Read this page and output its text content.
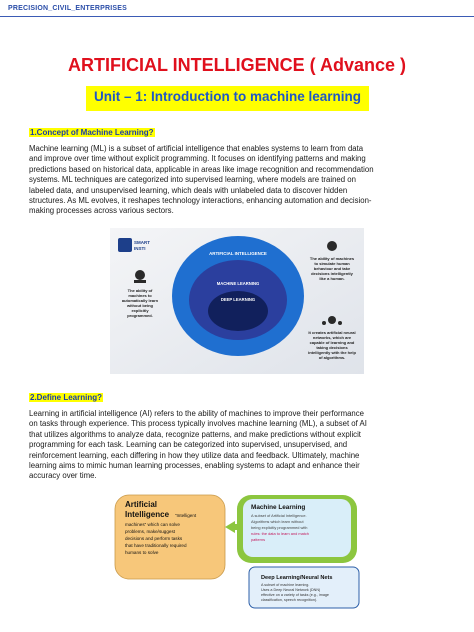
PRECISION_CIVIL_ENTERPRISES
ARTIFICIAL INTELLIGENCE ( Advance )
Unit – 1: Introduction to machine learning
1.Concept of Machine Learning?
Machine learning (ML) is a subset of artificial intelligence that enables systems to learn from data
and improve over time without explicit programming. It focuses on identifying patterns and making
predictions based on historical data, applicable in areas like image recognition and recommendation
systems. ML techniques are categorized into supervised learning, where models are trained on
labeled data, and unsupervised learning, which deals with unlabeled data to discover hidden
structures. As ML evolves, it reshapes technology interactions, enhancing automation and decision-
making processes across various sectors.
SMART
INSTI
ARTIFICIAL INTELLIGENCE
MACHINE LEARNING
DEEP LEARNING
The ability of
machines to
automatically learn
without being
explicitly
programmed.
The ability of machines
to simulate human
behaviour and take
decisions intelligently
like a human.
It creates artificial neural
networks, which are
capable of learning and
taking decisions
intelligently with the help
of algorithms.
2.Define Learning?
Learning in artificial intelligence (AI) refers to the ability of machines to improve their performance
on tasks through experience. This process typically involves machine learning (ML), a subset of AI
that utilizes algorithms to analyze data, recognize patterns, and make predictions without explicit
programming for each task. Learning can be categorized into supervised, unsupervised, and
reinforcement learning, each differing in how they utilize data and feedback. Ultimately, machine
learning aims to mimic human learning processes, enabling systems to adapt and enhance their
accuracy over time.
Artificial
Intelligence “Intelligent
machines” which can solve
problems, make/suggest
decisions and perform tasks
that have traditionally required
humans to solve
Machine Learning
A subset of Artificial Intelligence.
Algorithms which learn without
being explicitly programmed with
rules: the data to learn and match
patterns
Deep Learning/Neural Nets
A subset of machine learning.
Uses a Deep Neural Network (DNN)
effective on a variety of tasks (e.g., image
classification, speech recognition).
